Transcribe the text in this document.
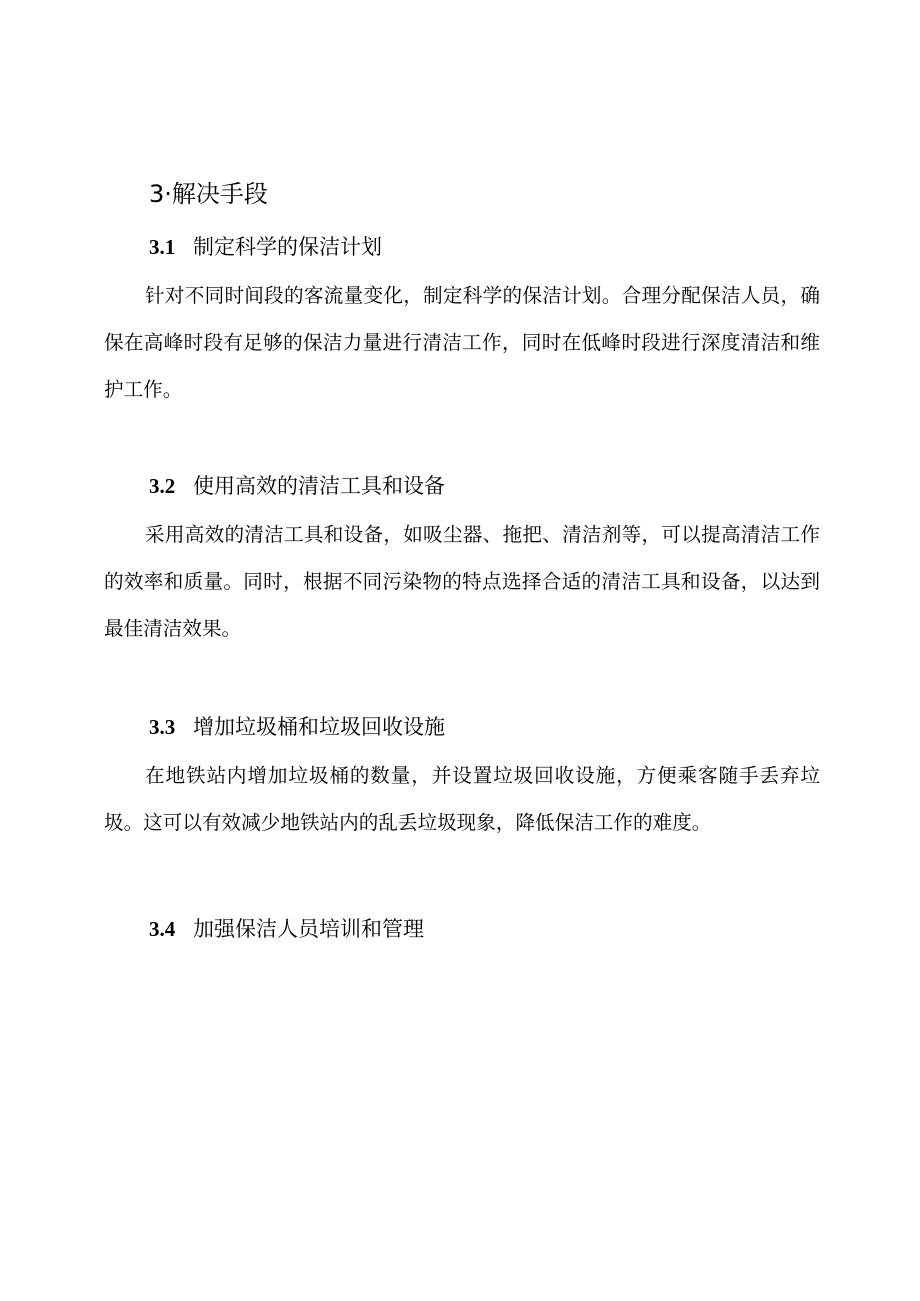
3·解决手段
3.1 制定科学的保洁计划

针对不同时间段的客流量变化，制定科学的保洁计划。合理分配保洁人员，确保在高峰时段有足够的保洁力量进行清洁工作，同时在低峰时段进行深度清洁和维护工作。

3.2 使用高效的清洁工具和设备

采用高效的清洁工具和设备，如吸尘器、拖把、清洁剂等，可以提高清洁工作的效率和质量。同时，根据不同污染物的特点选择合适的清洁工具和设备，以达到最佳清洁效果。

3.3 增加垃圾桶和垃圾回收设施

在地铁站内增加垃圾桶的数量，并设置垃圾回收设施，方便乘客随手丢弃垃圾。这可以有效减少地铁站内的乱丢垃圾现象，降低保洁工作的难度。

3.4 加强保洁人员培训和管理
